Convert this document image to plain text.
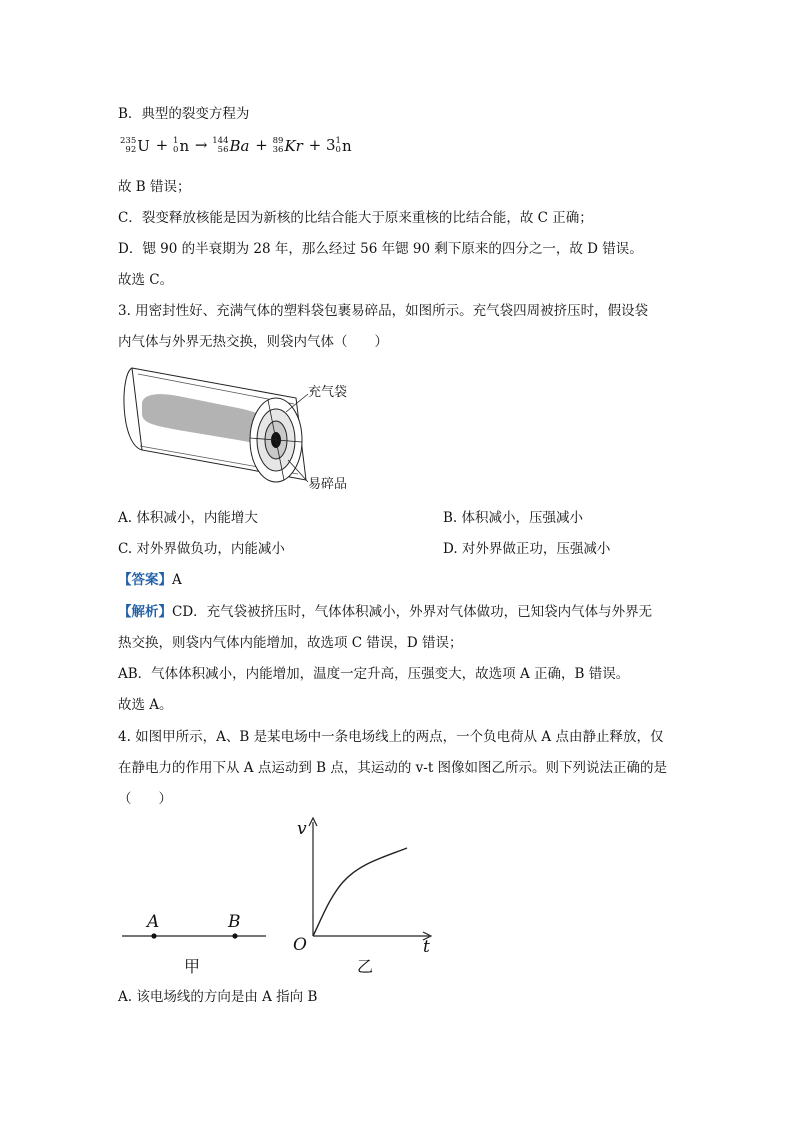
B．典型的裂变方程为
235
92 U + 1
0 n → 144
56 Ba + 89
36 Kr + 3 1
0 n
故 B 错误；
C．裂变释放核能是因为新核的比结合能大于原来重核的比结合能，故 C 正确；
D．锶 90 的半衰期为 28 年，那么经过 56 年锶 90 剩下原来的四分之一，故 D 错误。
故选 C。
3. 用密封性好、充满气体的塑料袋包裹易碎品，如图所示。充气袋四周被挤压时，假设袋
内气体与外界无热交换，则袋内气体（　　）
充气袋
易碎品
A. 体积减小，内能增大	B. 体积减小，压强减小
C. 对外界做负功，内能减小	D. 对外界做正功，压强减小
【答案】A
【解析】CD．充气袋被挤压时，气体体积减小，外界对气体做功，已知袋内气体与外界无
热交换，则袋内气体内能增加，故选项 C 错误，D 错误；
AB．气体体积减小，内能增加，温度一定升高，压强变大，故选项 A 正确，B 错误。
故选 A。
4. 如图甲所示，A、B 是某电场中一条电场线上的两点，一个负电荷从 A 点由静止释放，仅
在静电力的作用下从 A 点运动到 B 点，其运动的 v-t 图像如图乙所示。则下列说法正确的是
（　　）
A	B
甲
v
t
O
乙
A. 该电场线的方向是由 A 指向 B
